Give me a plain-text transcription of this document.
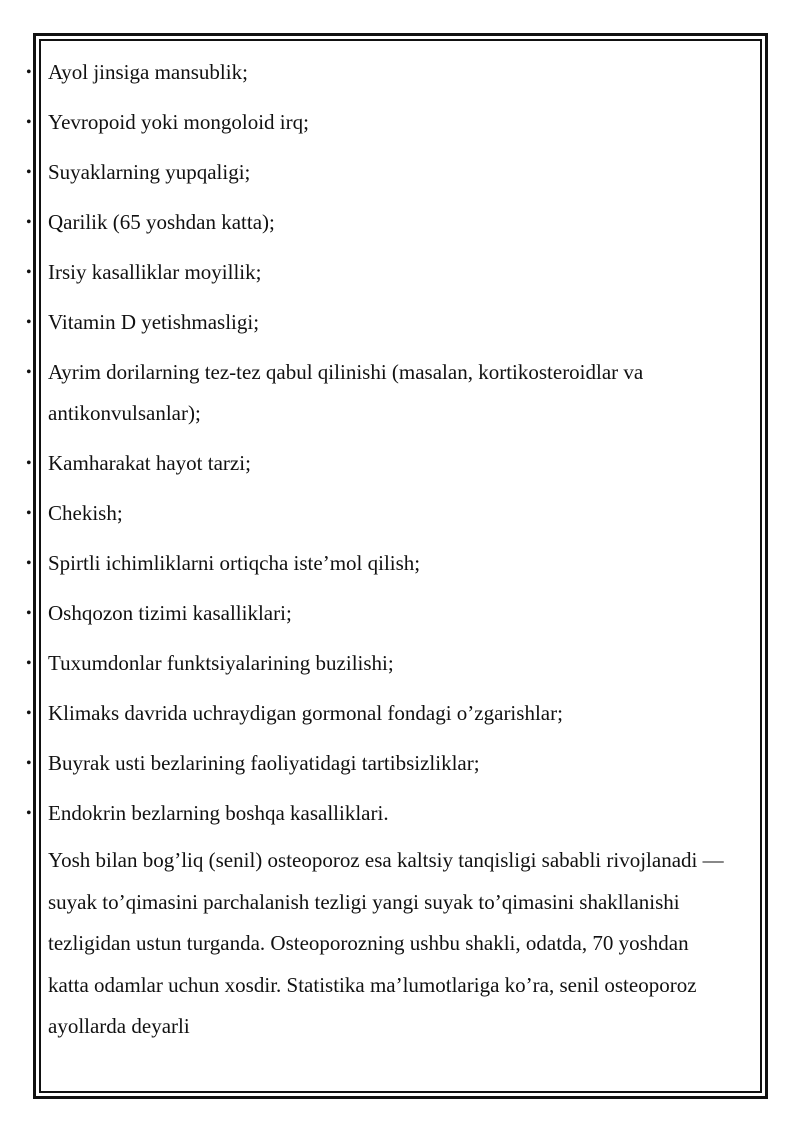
• Ayol jinsiga mansublik;
• Yevropoid yoki mongoloid irq;
• Suyaklarning yupqaligi;
• Qarilik (65 yoshdan katta);
• Irsiy kasalliklar moyillik;
• Vitamin D yetishmasligi;
• Ayrim dorilarning tez-tez qabul qilinishi (masalan, kortikosteroidlar va antikonvulsanlar);
• Kamharakat hayot tarzi;
• Chekish;
• Spirtli ichimliklarni ortiqcha iste’mol qilish;
• Oshqozon tizimi kasalliklari;
• Tuxumdonlar funktsiyalarining buzilishi;
• Klimaks davrida uchraydigan gormonal fondagi o’zgarishlar;
• Buyrak usti bezlarining faoliyatidagi tartibsizliklar;
• Endokrin bezlarning boshqa kasalliklari.

Yosh bilan bog’liq (senil) osteoporoz esa kaltsiy tanqisligi sababli rivojlanadi — suyak to’qimasini parchalanish tezligi yangi suyak to’qimasini shakllanishi tezligidan ustun turganda. Osteoporozning ushbu shakli, odatda, 70 yoshdan katta odamlar uchun xosdir. Statistika ma’lumotlariga ko’ra, senil osteoporoz ayollarda deyarli
